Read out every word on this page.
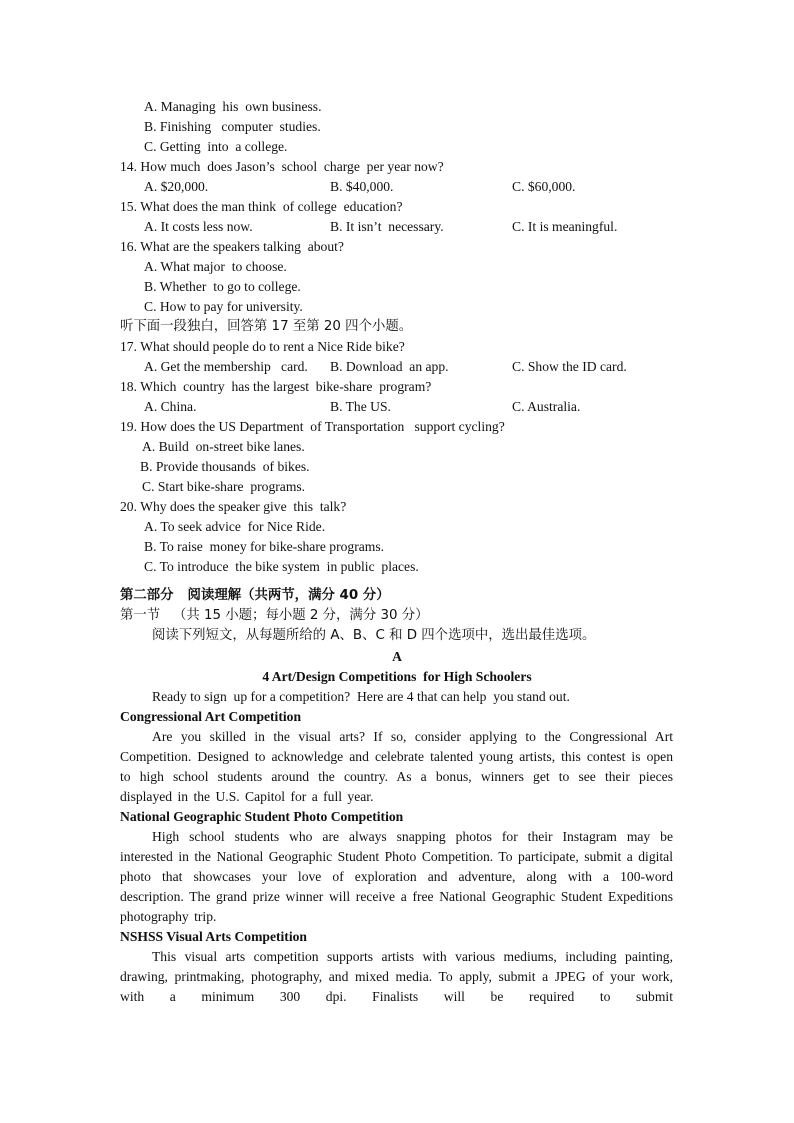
A. Managing  his  own business.
B. Finishing   computer  studies.
C. Getting  into  a college.
14. How much  does Jason’s  school  charge  per year now?

A. $20,000.

	B. $40,000.

	C. $60,000.

15. What does the man think  of college  education?

A. It costs less now.

	B. It isn’t  necessary.

	C. It is meaningful.

16. What are the speakers talking  about?
A. What major  to choose.
B. Whether  to go to college.
C. How to pay for university.
听下面一段独白，回答第 17 至第 20 四个小题。
17. What should people do to rent a Nice Ride bike?

A. Get the membership   card.

B. Download  an app.

	C. Show the ID card.

18. Which  country  has the largest  bike-share  program?

A. China.

	B. The US.

	C. Australia.

19. How does the US Department  of Transportation   support cycling?
A. Build  on-street bike lanes.
B. Provide thousands  of bikes.
C. Start bike-share  programs.
20. Why does the speaker give  this  talk?
A. To seek advice  for Nice Ride.
B. To raise  money for bike-share programs.
C. To introduce  the bike system  in public  places.
第二部分   阅读理解（共两节，满分 40 分）
第一节   （共 15 小题；每小题 2 分，满分 30 分）
阅读下列短文，从每题所给的 A、B、C 和 D 四个选项中，选出最佳选项。
A
4 Art/Design Competitions  for High Schoolers
Ready to sign  up for a competition?  Here are 4 that can help  you stand out.
Congressional Art Competition
Are you skilled in the visual arts? If so, consider applying to the Congressional Art Competition. Designed to acknowledge and celebrate talented young artists, this contest is open to high school students around the country. As a bonus, winners get to see their pieces displayed in the U.S. Capitol for a full year.
National Geographic Student Photo Competition
High school students who are always snapping photos for their Instagram may be interested in the National Geographic Student Photo Competition. To participate, submit a digital photo that showcases your love of exploration and adventure, along with a 100-word description. The grand prize winner will receive a free National Geographic Student Expeditions photography trip.
NSHSS Visual Arts Competition
This visual arts competition supports artists with various mediums, including painting, drawing, printmaking, photography, and mixed media. To apply, submit a JPEG of your work, with a minimum 300 dpi. Finalists will be required to submit
